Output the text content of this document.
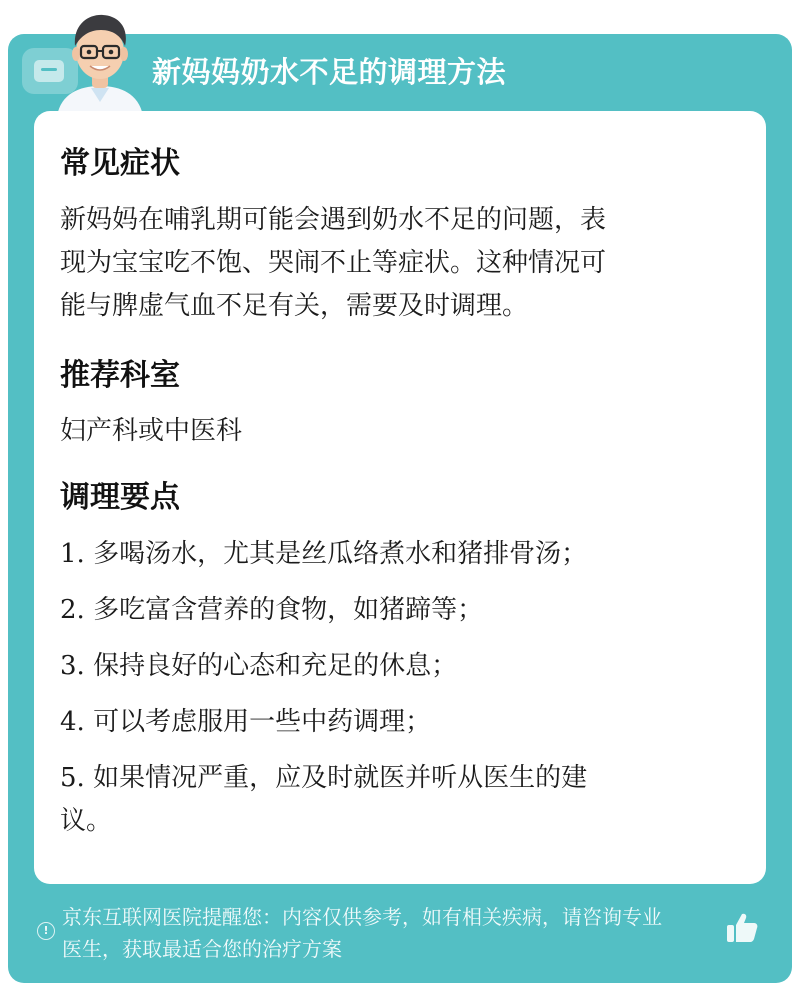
新妈妈奶水不足的调理方法
常见症状
新妈妈在哺乳期可能会遇到奶水不足的问题，表
现为宝宝吃不饱、哭闹不止等症状。这种情况可
能与脾虚气血不足有关，需要及时调理。
推荐科室
妇产科或中医科
调理要点
1. 多喝汤水，尤其是丝瓜络煮水和猪排骨汤；
2. 多吃富含营养的食物，如猪蹄等；
3. 保持良好的心态和充足的休息；
4. 可以考虑服用一些中药调理；
5. 如果情况严重，应及时就医并听从医生的建
议。
!
京东互联网医院提醒您：内容仅供参考，如有相关疾病，请咨询专业
医生，获取最适合您的治疗方案
